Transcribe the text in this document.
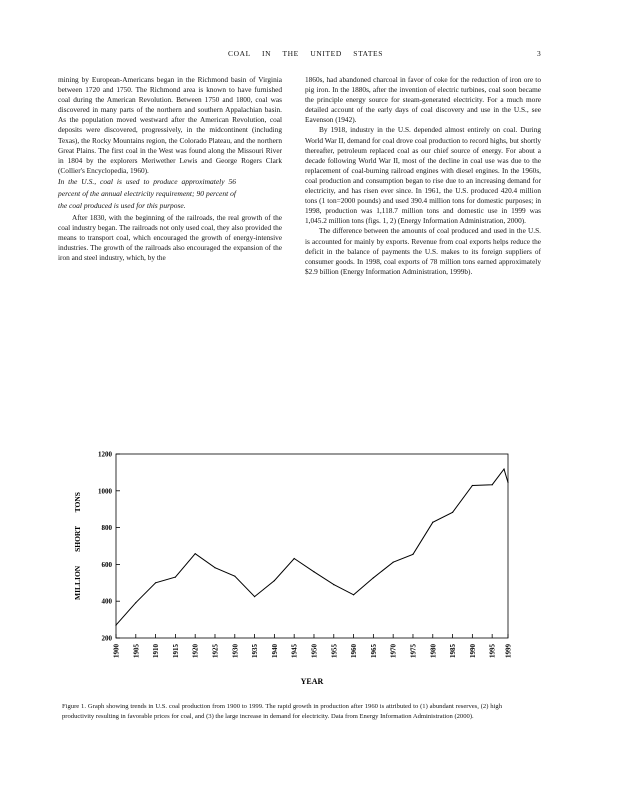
COAL IN THE UNITED STATES	3

mining by European-Americans began in the Richmond basin of Virginia between 1720 and 1750. The Richmond area is known to have furnished coal during the American Revolution. Between 1750 and 1800, coal was discovered in many parts of the northern and southern Appalachian basin. As the population moved westward after the American Revolution, coal deposits were discovered, progressively, in the midcontinent (including Texas), the Rocky Mountains region, the Colorado Plateau, and the northern Great Plains. The first coal in the West was found along the Missouri River in 1804 by the explorers Meriwether Lewis and George Rogers Clark (Collier's Encyclopedia, 1960).

In the U.S., coal is used to produce approximately 56 percent of the annual electricity requirement; 90 percent of the coal produced is used for this purpose.

After 1830, with the beginning of the railroads, the real growth of the coal industry began. The railroads not only used coal, they also provided the means to transport coal, which encouraged the growth of energy-intensive industries. The growth of the railroads also encouraged the expansion of the iron and steel industry, which, by the

1860s, had abandoned charcoal in favor of coke for the reduction of iron ore to pig iron. In the 1880s, after the invention of electric turbines, coal soon became the principle energy source for steam-generated electricity. For a much more detailed account of the early days of coal discovery and use in the U.S., see Eavenson (1942).

By 1918, industry in the U.S. depended almost entirely on coal. During World War II, demand for coal drove coal production to record highs, but shortly thereafter, petroleum replaced coal as our chief source of energy. For about a decade following World War II, most of the decline in coal use was due to the replacement of coal-burning railroad engines with diesel engines. In the 1960s, coal production and consumption began to rise due to an increasing demand for electricity, and has risen ever since. In 1961, the U.S. produced 420.4 million tons (1 ton=2000 pounds) and used 390.4 million tons for domestic purposes; in 1998, production was 1,118.7 million tons and domestic use in 1999 was 1,045.2 million tons (figs. 1, 2) (Energy Information Administration, 2000).

The difference between the amounts of coal produced and used in the U.S. is accounted for mainly by exports. Revenue from coal exports helps reduce the deficit in the balance of payments the U.S. makes to its foreign suppliers of consumer goods. In 1998, coal exports of 78 million tons earned approximately $2.9 billion (Energy Information Administration, 1999b).

200
400
600
800
1000
1200
1900 1905 1910 1915 1920 1925 1930 1935 1940 1945 1950 1955 1960 1965 1970 1975 1980 1985 1990 1995 1999
MILLION SHORT TONS
YEAR
Figure 1. Graph showing trends in U.S. coal production from 1900 to 1999. The rapid growth in production after 1960 is attributed to (1) abundant reserves, (2) high productivity resulting in favorable prices for coal, and (3) the large increase in demand for electricity. Data from Energy Information Administration (2000).
